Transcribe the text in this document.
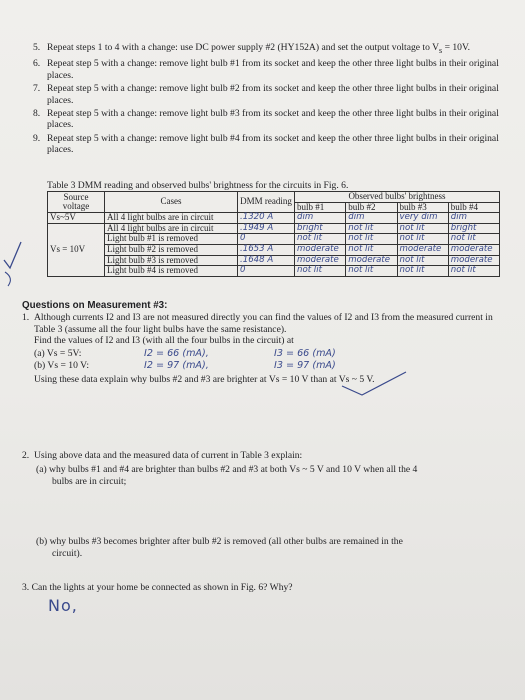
5. Repeat steps 1 to 4 with a change: use DC power supply #2 (HY152A) and set the output voltage to $V_s = 10V$.
6. Repeat step 5 with a change: remove light bulb #1 from its socket and keep the other three light bulbs in their original places.
7. Repeat step 5 with a change: remove light bulb #2 from its socket and keep the other three light bulbs in their original places.
8. Repeat step 5 with a change: remove light bulb #3 from its socket and keep the other three light bulbs in their original places.
9. Repeat step 5 with a change: remove light bulb #4 from its socket and keep the other three light bulbs in their original places.
Table 3 DMM reading and observed bulbs' brightness for the circuits in Fig. 6.
Source voltage	Cases	DMM reading	Observed bulbs' brightness			
			bulb #1	bulb #2	bulb #3	bulb #4
Vs~5V	All 4 light bulbs are in circuit	.1320 A	dim	dim	very dim	dim
Vs = 10V	All 4 light bulbs are in circuit	.1949 A	bright	not lit	not lit	bright
	Light bulb #1 is removed	0	not lit	not lit	not lit	not lit
	Light bulb #2 is removed	.1653 A	moderate	not lit	moderate	moderate
	Light bulb #3 is removed	.1648 A	moderate	moderate	not lit	moderate
	Light bulb #4 is removed	0	not lit	not lit	not lit	not lit
Questions on Measurement #3:
1. Although currents I2 and I3 are not measured directly you can find the values of I2 and I3 from the measured current in Table 3 (assume all the four light bulbs have the same resistance).
Find the values of I2 and I3 (with all the four bulbs in the circuit) at
(a) Vs = 5V:	I2 = 66 (mA),	I3 = 66 (mA)
(b) Vs = 10 V:	I2 = 97 (mA),	I3 = 97 (mA)
Using these data explain why bulbs #2 and #3 are brighter at Vs = 10 V than at Vs ~ 5 V.
2. Using above data and the measured data of current in Table 3 explain:
(a) why bulbs #1 and #4 are brighter than bulbs #2 and #3 at both Vs ~ 5 V and 10 V when all the 4
bulbs are in circuit;
(b) why bulbs #3 becomes brighter after bulb #2 is removed (all other bulbs are remained in the
circuit).
3. Can the lights at your home be connected as shown in Fig. 6? Why?
No,
